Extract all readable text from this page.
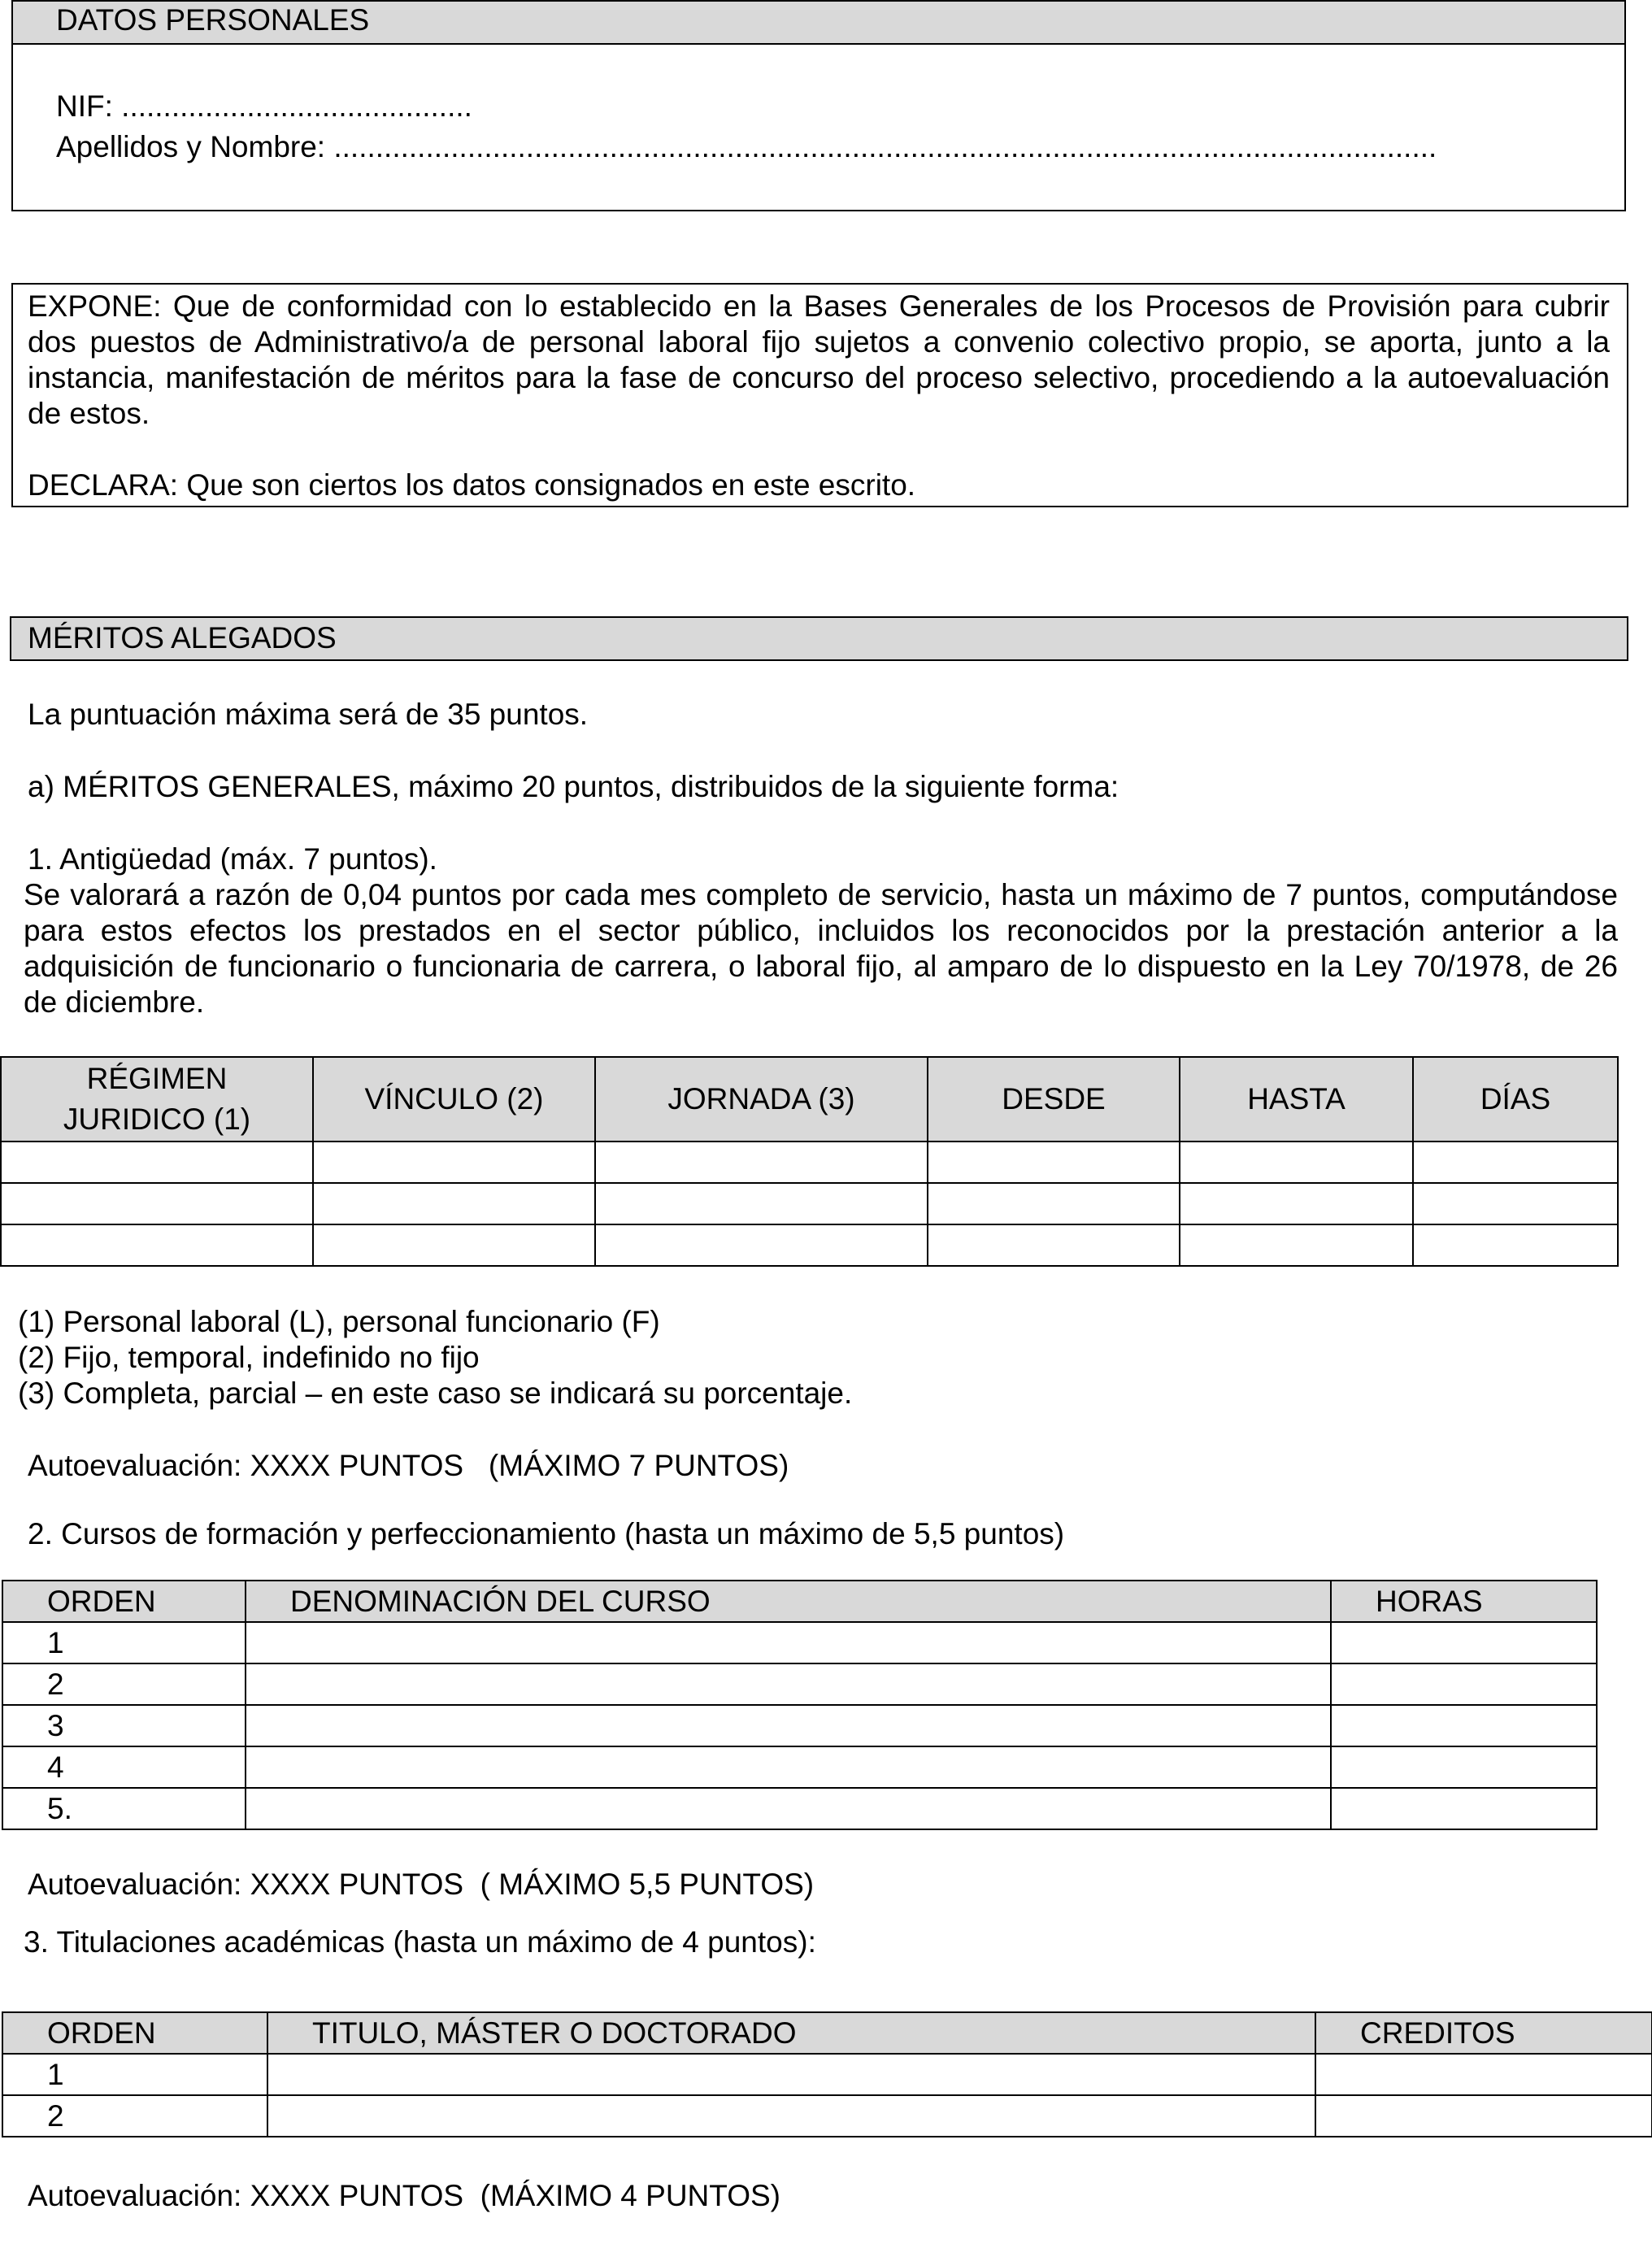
DATOS PERSONALES
NIF: ..........................................
Apellidos y Nombre: ....................................................................................................................................
EXPONE: Que de conformidad con lo establecido en la Bases Generales de los Procesos de Provisión para cubrir
dos puestos de Administrativo/a de personal laboral fijo sujetos a convenio colectivo propio, se aporta, junto a la
instancia, manifestación de méritos para la fase de concurso del proceso selectivo, procediendo a la autoevaluación
de estos.
DECLARA: Que son ciertos los datos consignados en este escrito.
MÉRITOS ALEGADOS
La puntuación máxima será de 35 puntos.
a) MÉRITOS GENERALES, máximo 20 puntos, distribuidos de la siguiente forma:
1. Antigüedad (máx. 7 puntos).
Se valorará a razón de 0,04 puntos por cada mes completo de servicio, hasta un máximo de 7 puntos, computándose
para estos efectos los prestados en el sector público, incluidos los reconocidos por la prestación anterior a la
adquisición de funcionario o funcionaria de carrera, o laboral fijo, al amparo de lo dispuesto en la Ley 70/1978, de 26
de diciembre.
RÉGIMEN
JURIDICO (1)	VÍNCULO (2)	JORNADA (3)	DESDE	HASTA	DÍAS

(1) Personal laboral (L), personal funcionario (F)
(2) Fijo, temporal, indefinido no fijo
(3) Completa, parcial – en este caso se indicará su porcentaje.
Autoevaluación: XXXX PUNTOS   (MÁXIMO 7 PUNTOS)
2. Cursos de formación y perfeccionamiento (hasta un máximo de 5,5 puntos)
ORDEN	DENOMINACIÓN DEL CURSO	HORAS
1		
2		
3		
4		
5.		
Autoevaluación: XXXX PUNTOS  ( MÁXIMO 5,5 PUNTOS)
3. Titulaciones académicas (hasta un máximo de 4 puntos):
ORDEN	TITULO, MÁSTER O DOCTORADO	CREDITOS
1		
2		
Autoevaluación: XXXX PUNTOS  (MÁXIMO 4 PUNTOS)
